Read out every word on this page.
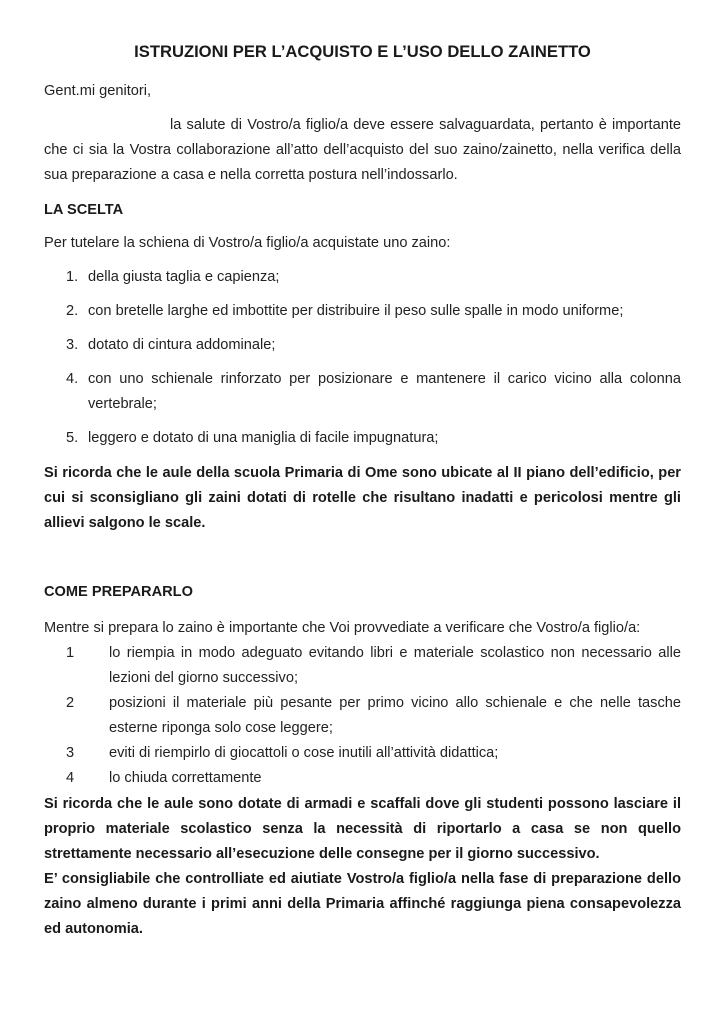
ISTRUZIONI PER L’ACQUISTO E L’USO DELLO ZAINETTO
Gent.mi genitori,
la salute di Vostro/a figlio/a deve essere salvaguardata, pertanto è importante che ci sia la Vostra collaborazione all’atto dell’acquisto del suo zaino/zainetto, nella verifica della sua preparazione a casa e nella corretta postura nell’indossarlo.
LA SCELTA
Per tutelare la schiena di Vostro/a figlio/a acquistate uno zaino:
1. della giusta taglia e capienza;
2. con bretelle larghe ed imbottite per distribuire il peso sulle spalle in modo uniforme;
3. dotato di cintura addominale;
4. con uno schienale rinforzato per posizionare e mantenere il carico vicino alla colonna vertebrale;
5. leggero e dotato di una maniglia di facile impugnatura;
Si ricorda che le aule della scuola Primaria di Ome sono ubicate al II piano dell’edificio, per cui si sconsigliano gli zaini dotati di rotelle che risultano inadatti e pericolosi mentre gli allievi salgono le scale.
COME PREPARARLO
Mentre si prepara lo zaino è importante che Voi provvediate a verificare che Vostro/a figlio/a:
1 lo riempia in modo adeguato evitando libri e materiale scolastico non necessario alle lezioni del giorno successivo;
2 posizioni il materiale più pesante per primo vicino allo schienale e che nelle tasche esterne riponga solo cose leggere;
3 eviti di riempirlo di giocattoli o cose inutili all’attività didattica;
4 lo chiuda correttamente
Si ricorda che le aule sono dotate di armadi e scaffali dove gli studenti possono lasciare il proprio materiale scolastico senza la necessità di riportarlo a casa se non quello strettamente necessario all’esecuzione delle consegne per il giorno successivo.
E’ consigliabile che controlliate ed aiutiate Vostro/a figlio/a nella fase di preparazione dello zaino almeno durante i primi anni della Primaria affinché raggiunga piena consapevolezza ed autonomia.
